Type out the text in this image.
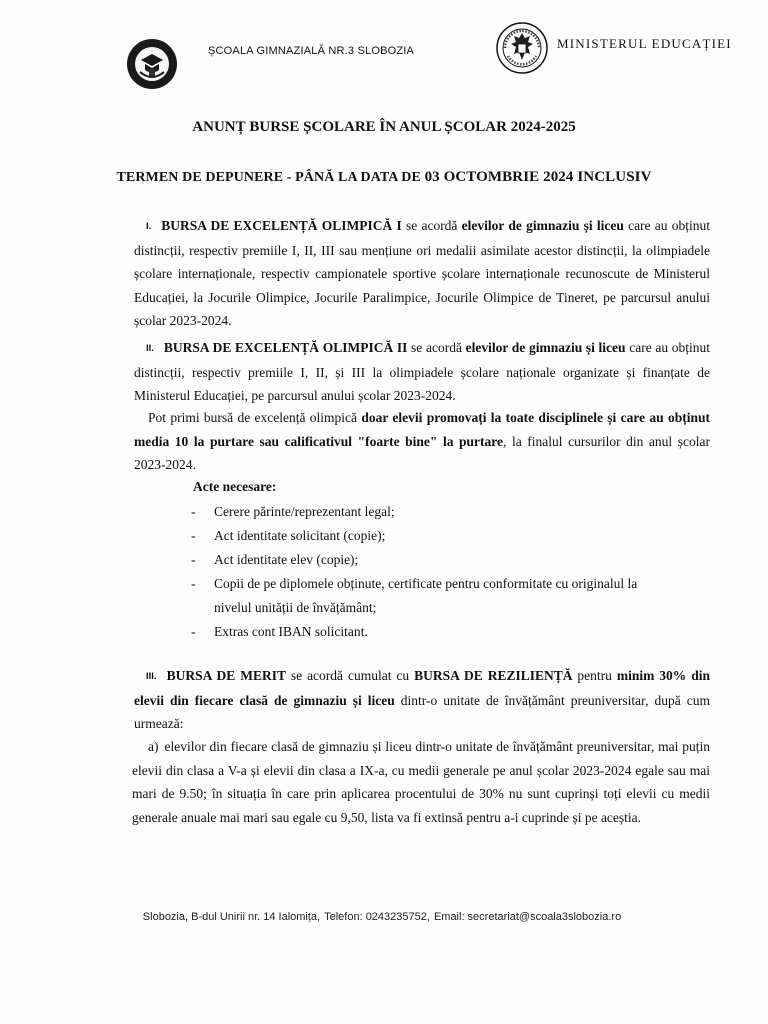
ȘCOALA GIMNAZIALĂ NR.3 SLOBOZIA	MINISTERUL EDUCAȚIEI
ANUNȚ BURSE ȘCOLARE ÎN ANUL ȘCOLAR 2024-2025
TERMEN DE DEPUNERE - PÂNĂ LA DATA DE 03 OCTOMBRIE 2024 INCLUSIV
I. BURSA DE EXCELENȚĂ OLIMPICĂ I se acordă elevilor de gimnaziu și liceu care au obținut distincții, respectiv premiile I, II, III sau mențiune ori medalii asimilate acestor distincții, la olimpiadele școlare internaționale, respectiv campionatele sportive școlare internaționale recunoscute de Ministerul Educației, la Jocurile Olimpice, Jocurile Paralimpice, Jocurile Olimpice de Tineret, pe parcursul anului școlar 2023-2024.
II. BURSA DE EXCELENȚĂ OLIMPICĂ II se acordă elevilor de gimnaziu și liceu care au obținut distincții, respectiv premiile I, II, și III la olimpiadele școlare naționale organizate și finanțate de Ministerul Educației, pe parcursul anului școlar 2023-2024.
Pot primi bursă de excelență olimpică doar elevii promovați la toate disciplinele și care au obținut media 10 la purtare sau calificativul "foarte bine" la purtare, la finalul cursurilor din anul școlar 2023-2024.
Acte necesare:
- Cerere părinte/reprezentant legal;
- Act identitate solicitant (copie);
- Act identitate elev (copie);
- Copii de pe diplomele obținute, certificate pentru conformitate cu originalul la
nivelul unității de învățământ;
- Extras cont IBAN solicitant.
III. BURSA DE MERIT se acordă cumulat cu BURSA DE REZILIENȚĂ pentru minim 30% din elevii din fiecare clasă de gimnaziu și liceu dintr-o unitate de învățământ preuniversitar, după cum urmează:
a) elevilor din fiecare clasă de gimnaziu și liceu dintr-o unitate de învățământ preuniversitar, mai puțin elevii din clasa a V-a și elevii din clasa a IX-a, cu medii generale pe anul școlar 2023-2024 egale sau mai mari de 9.50; în situația în care prin aplicarea procentului de 30% nu sunt cuprinși toți elevii cu medii generale anuale mai mari sau egale cu 9,50, lista va fi extinsă pentru a-i cuprinde și pe aceștia.
Slobozia, B-dul Unirii nr. 14 Ialomița, Telefon: 0243235752, Email: secretariat@scoala3slobozia.ro
